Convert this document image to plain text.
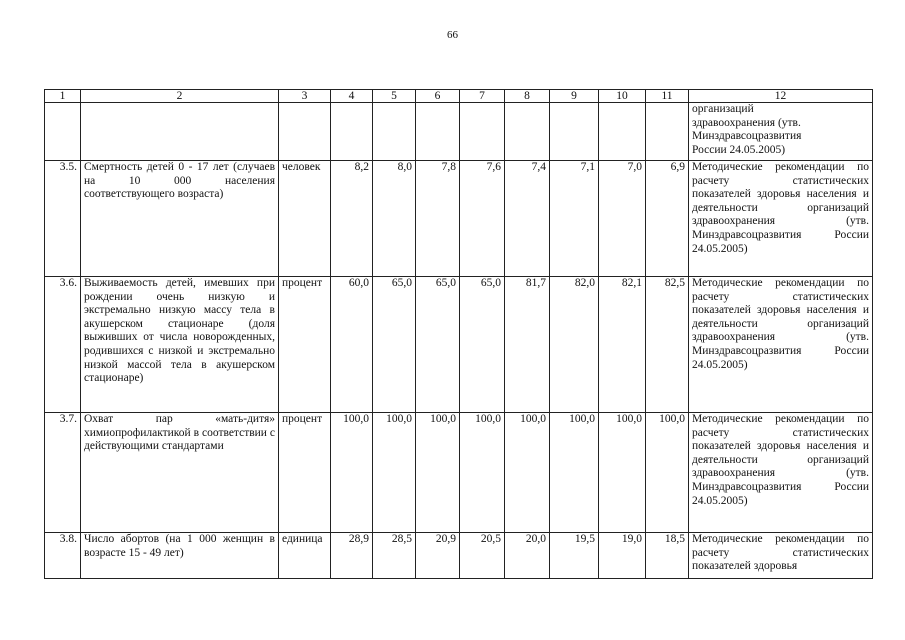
66
1	2	3	4	5	6	7	8	9	10	11	12
											организаций
здравоохранения (утв.
Минздравсоцразвития
России 24.05.2005)
3.5.	Смертность детей 0 - 17 лет (случаев на 10 000 населения соответствующего возраста)	человек	8,2	8,0	7,8	7,6	7,4	7,1	7,0	6,9	Методические рекомендации по расчету статистических показателей здоровья населения и деятельности организаций здравоохранения (утв. Минздравсоцразвития России 24.05.2005)
3.6.	Выживаемость детей, имевших при рождении очень низкую и экстремально низкую массу тела в акушерском стационаре (доля выживших от числа новорожденных, родившихся с низкой и экстремально низкой массой тела в акушерском стационаре)	процент	60,0	65,0	65,0	65,0	81,7	82,0	82,1	82,5	Методические рекомендации по расчету статистических показателей здоровья населения и деятельности организаций здравоохранения (утв. Минздравсоцразвития России 24.05.2005)
3.7.	Охват пар «мать-дитя» химиопрофилактикой в соответствии с действующими стандартами	процент	100,0	100,0	100,0	100,0	100,0	100,0	100,0	100,0	Методические рекомендации по расчету статистических показателей здоровья населения и деятельности организаций здравоохранения (утв. Минздравсоцразвития России 24.05.2005)
3.8.	Число абортов (на 1 000 женщин в возрасте 15 - 49 лет)	единица	28,9	28,5	20,9	20,5	20,0	19,5	19,0	18,5	Методические рекомендации по расчету статистических показателей здоровья
